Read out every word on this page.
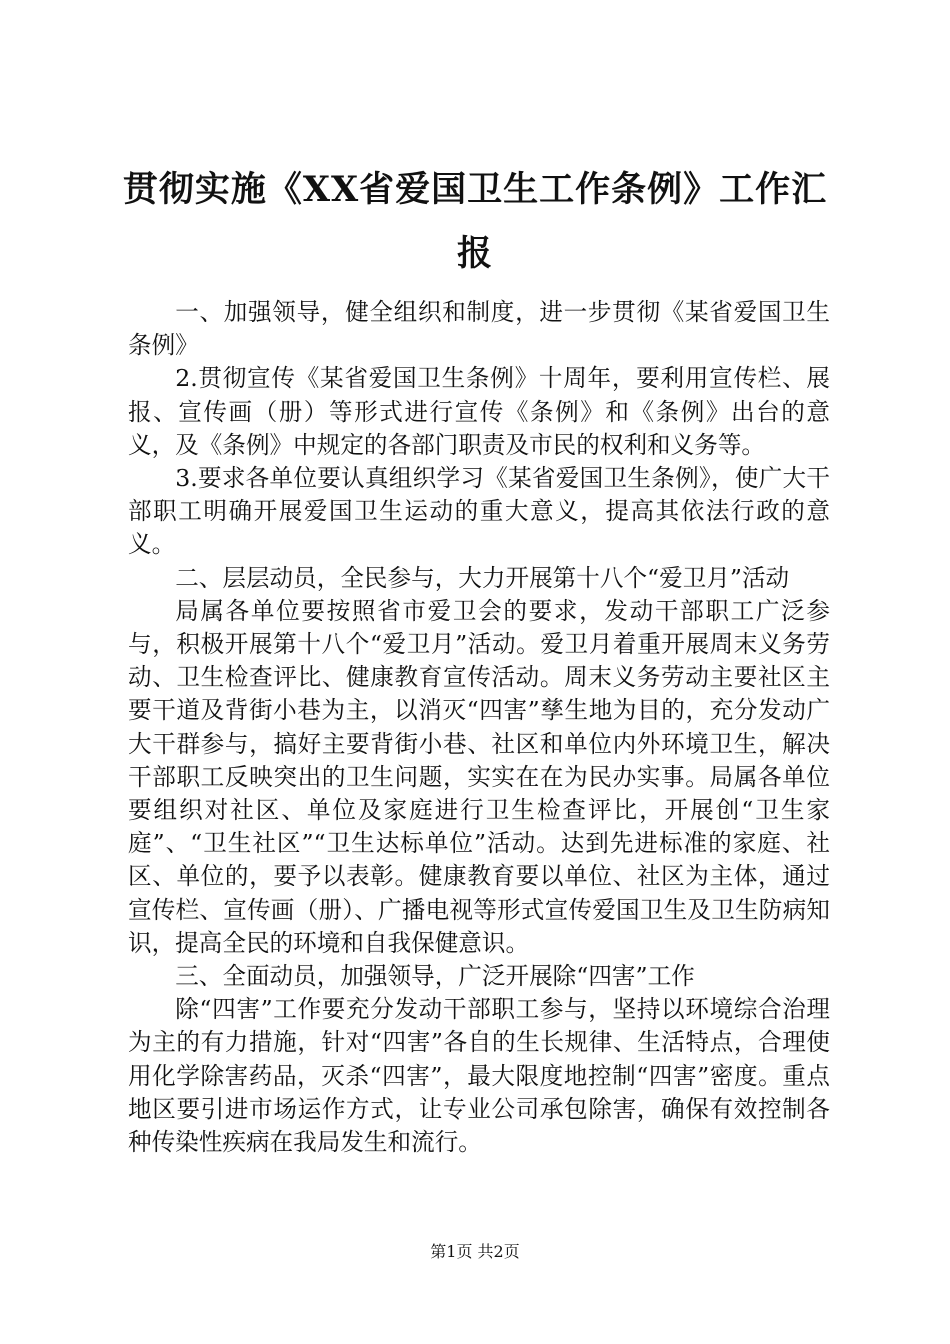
贯彻实施《XX省爱国卫生工作条例》工作汇报

一、加强领导，健全组织和制度，进一步贯彻《某省爱国卫生条例》

2.贯彻宣传《某省爱国卫生条例》十周年，要利用宣传栏、展报、宣传画（册）等形式进行宣传《条例》和《条例》出台的意义，及《条例》中规定的各部门职责及市民的权利和义务等。

3.要求各单位要认真组织学习《某省爱国卫生条例》，使广大干部职工明确开展爱国卫生运动的重大意义，提高其依法行政的意义。

二、层层动员，全民参与，大力开展第十八个“爱卫月”活动

局属各单位要按照省市爱卫会的要求，发动干部职工广泛参与，积极开展第十八个“爱卫月”活动。爱卫月着重开展周末义务劳动、卫生检查评比、健康教育宣传活动。周末义务劳动主要社区主要干道及背街小巷为主，以消灭“四害”孳生地为目的，充分发动广大干群参与，搞好主要背街小巷、社区和单位内外环境卫生，解决干部职工反映突出的卫生问题，实实在在为民办实事。局属各单位要组织对社区、单位及家庭进行卫生检查评比，开展创“卫生家庭”、“卫生社区”“卫生达标单位”活动。达到先进标准的家庭、社区、单位的，要予以表彰。健康教育要以单位、社区为主体，通过宣传栏、宣传画（册）、广播电视等形式宣传爱国卫生及卫生防病知识，提高全民的环境和自我保健意识。

三、全面动员，加强领导，广泛开展除“四害”工作

除“四害”工作要充分发动干部职工参与，坚持以环境综合治理为主的有力措施，针对“四害”各自的生长规律、生活特点，合理使用化学除害药品，灭杀“四害”，最大限度地控制“四害”密度。重点地区要引进市场运作方式，让专业公司承包除害，确保有效控制各种传染性疾病在我局发生和流行。

第1页 共2页
